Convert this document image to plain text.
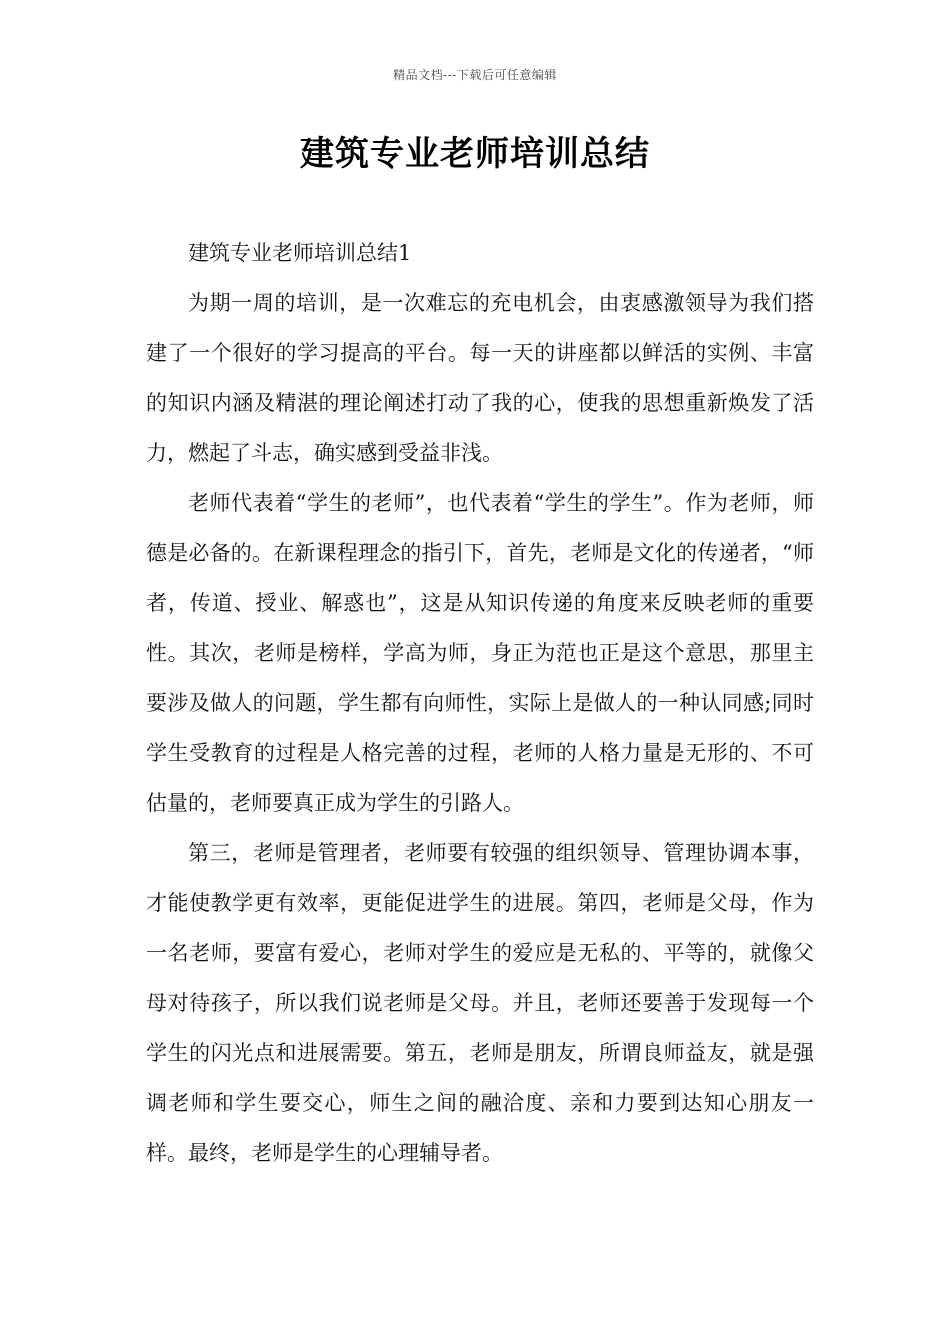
精品文档---下载后可任意编辑
建筑专业老师培训总结

建筑专业老师培训总结1

为期一周的培训，是一次难忘的充电机会，由衷感激领导为我们搭建了一个很好的学习提高的平台。每一天的讲座都以鲜活的实例、丰富的知识内涵及精湛的理论阐述打动了我的心，使我的思想重新焕发了活力，燃起了斗志，确实感到受益非浅。

老师代表着“学生的老师”，也代表着“学生的学生”。作为老师，师德是必备的。在新课程理念的指引下，首先，老师是文化的传递者，“师者，传道、授业、解惑也”，这是从知识传递的角度来反映老师的重要性。其次，老师是榜样，学高为师，身正为范也正是这个意思，那里主要涉及做人的问题，学生都有向师性，实际上是做人的一种认同感;同时学生受教育的过程是人格完善的过程，老师的人格力量是无形的、不可估量的，老师要真正成为学生的引路人。

第三，老师是管理者，老师要有较强的组织领导、管理协调本事，才能使教学更有效率，更能促进学生的进展。第四，老师是父母，作为一名老师，要富有爱心，老师对学生的爱应是无私的、平等的，就像父母对待孩子，所以我们说老师是父母。并且，老师还要善于发现每一个学生的闪光点和进展需要。第五，老师是朋友，所谓良师益友，就是强调老师和学生要交心，师生之间的融洽度、亲和力要到达知心朋友一样。最终，老师是学生的心理辅导者。
